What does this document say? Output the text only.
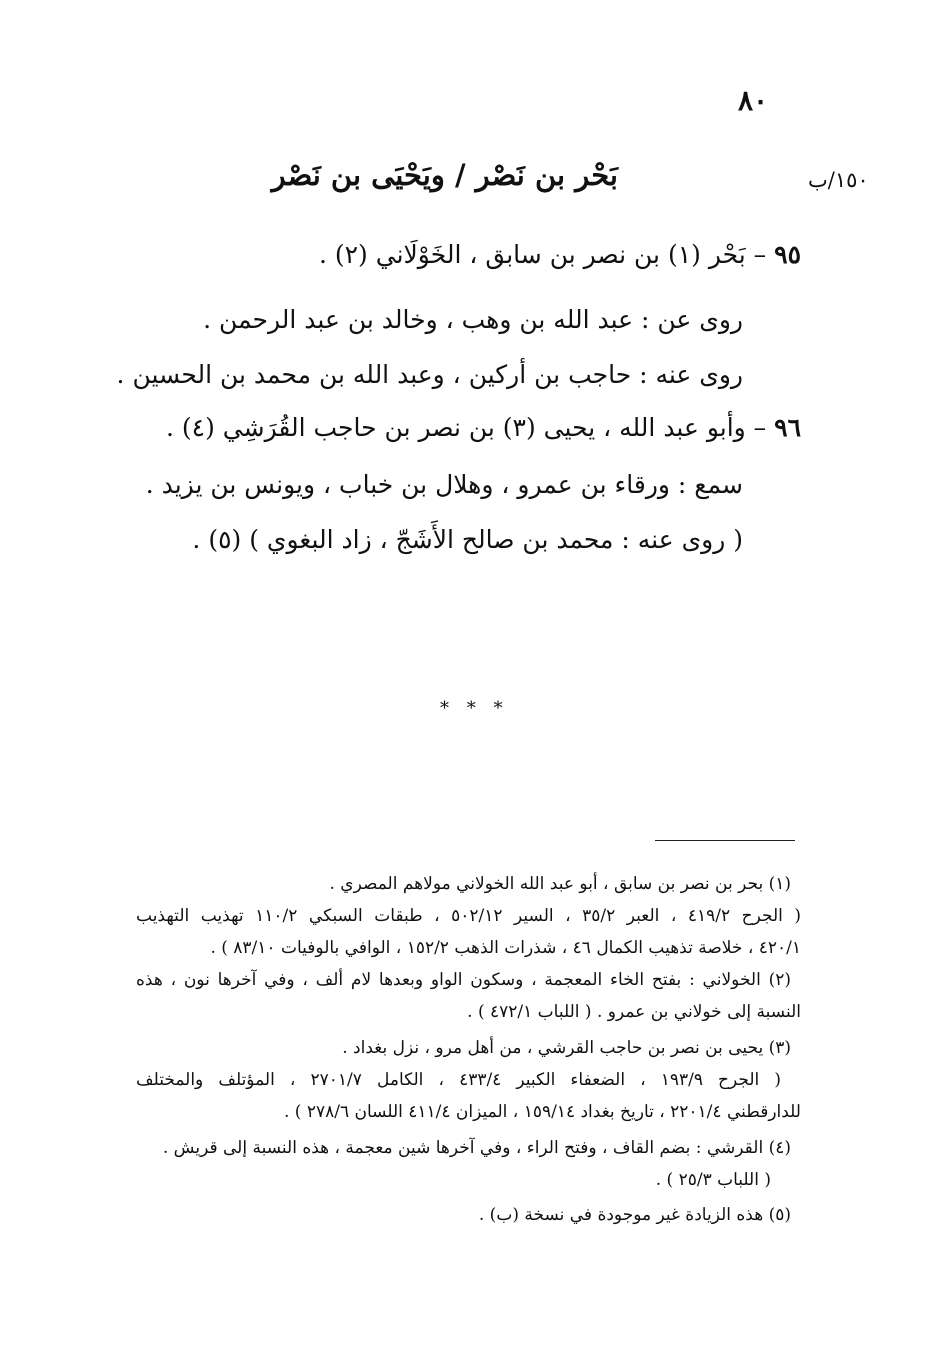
٨٠
١٥٠/ب
بَحْر بن نَصْر / ويَحْيَى بن نَصْر
٩٥ – بَحْر (١) بن نصر بن سابق ، الخَوْلَاني (٢) .
روى عن : عبد الله بن وهب ، وخالد بن عبد الرحمن .
روى عنه : حاجب بن أركين ، وعبد الله بن محمد بن الحسين .
٩٦ – وأبو عبد الله ، يحيى (٣) بن نصر بن حاجب القُرَشِي (٤) .
سمع : ورقاء بن عمرو ، وهلال بن خباب ، ويونس بن يزيد .
( روى عنه : محمد بن صالح الأَشَجّ ، زاد البغوي ) (٥) .
* * *
(١) بحر بن نصر بن سابق ، أبو عبد الله الخولاني مولاهم المصري .
( الجرح ٤١٩/٢ ، العبر ٣٥/٢ ، السير ٥٠٢/١٢ ، طبقات السبكي ١١٠/٢ تهذيب التهذيب
٤٢٠/١ ، خلاصة تذهيب الكمال ٤٦ ، شذرات الذهب ١٥٢/٢ ، الوافي بالوفيات ٨٣/١٠ ) .
(٢) الخولاني : بفتح الخاء المعجمة ، وسكون الواو وبعدها لام ألف ، وفي آخرها نون ، هذه
النسبة إلى خولاني بن عمرو . ( اللباب ٤٧٢/١ ) .
(٣) يحيى بن نصر بن حاجب القرشي ، من أهل مرو ، نزل بغداد .
( الجرح ١٩٣/٩ ، الضعفاء الكبير ٤٣٣/٤ ، الكامل ٢٧٠١/٧ ، المؤتلف والمختلف
للدارقطني ٢٢٠١/٤ ، تاريخ بغداد ١٥٩/١٤ ، الميزان ٤١١/٤ اللسان ٢٧٨/٦ ) .
(٤) القرشي : بضم القاف ، وفتح الراء ، وفي آخرها شين معجمة ، هذه النسبة إلى قريش .
( اللباب ٢٥/٣ ) .
(٥) هذه الزيادة غير موجودة في نسخة (ب) .
